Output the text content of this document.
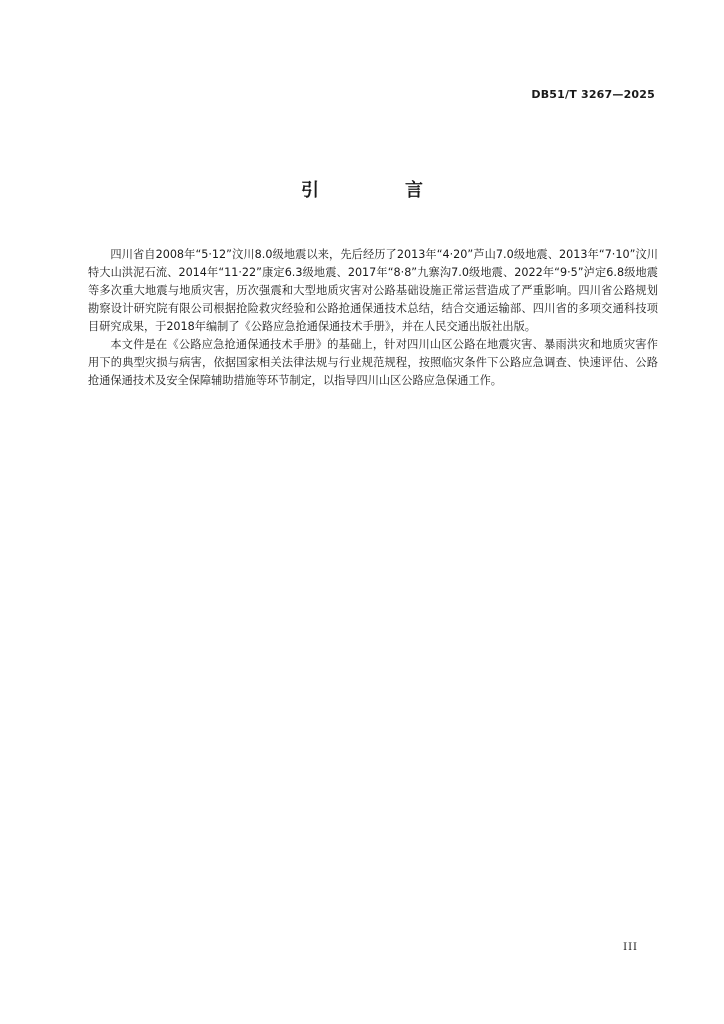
DB51/T 3267—2025
引　言

四川省自2008年“5·12”汶川8.0级地震以来，先后经历了2013年“4·20”芦山7.0级地震、2013年“7·10”汶川特大山洪泥石流、2014年“11·22”康定6.3级地震、2017年“8·8”九寨沟7.0级地震、2022年“9·5”泸定6.8级地震等多次重大地震与地质灾害，历次强震和大型地质灾害对公路基础设施正常运营造成了严重影响。四川省公路规划勘察设计研究院有限公司根据抢险救灾经验和公路抢通保通技术总结，结合交通运输部、四川省的多项交通科技项目研究成果，于2018年编制了《公路应急抢通保通技术手册》，并在人民交通出版社出版。

本文件是在《公路应急抢通保通技术手册》的基础上，针对四川山区公路在地震灾害、暴雨洪灾和地质灾害作用下的典型灾损与病害，依据国家相关法律法规与行业规范规程，按照临灾条件下公路应急调查、快速评估、公路抢通保通技术及安全保障辅助措施等环节制定，以指导四川山区公路应急保通工作。

III
